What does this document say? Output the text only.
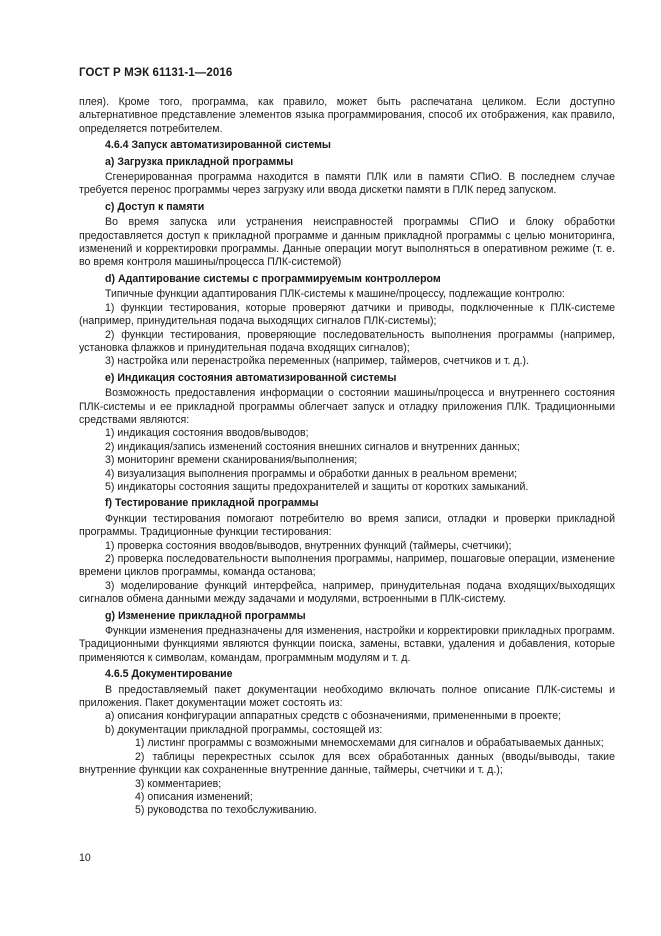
ГОСТ Р МЭК 61131-1—2016

плея). Кроме того, программа, как правило, может быть распечатана целиком. Если доступно альтернативное представление элементов языка программирования, способ их отображения, как правило, определяется потребителем.

4.6.4 Запуск автоматизированной системы

а) Загрузка прикладной программы

Сгенерированная программа находится в памяти ПЛК или в памяти СПиО. В последнем случае требуется перенос программы через загрузку или ввода дискетки памяти в ПЛК перед запуском.

с) Доступ к памяти

Во время запуска или устранения неисправностей программы СПиО и блоку обработки предоставляется доступ к прикладной программе и данным прикладной программы с целью мониторинга, изменений и корректировки программы. Данные операции могут выполняться в оперативном режиме (т. е. во время контроля машины/процесса ПЛК-системой)

d) Адаптирование системы с программируемым контроллером

Типичные функции адаптирования ПЛК-системы к машине/процессу, подлежащие контролю:

1) функции тестирования, которые проверяют датчики и приводы, подключенные к ПЛК-системе (например, принудительная подача выходящих сигналов ПЛК-системы);

2) функции тестирования, проверяющие последовательность выполнения программы (например, установка флажков и принудительная подача входящих сигналов);

3) настройка или перенастройка переменных (например, таймеров, счетчиков и т. д.).

е) Индикация состояния автоматизированной системы

Возможность предоставления информации о состоянии машины/процесса и внутреннего состояния ПЛК-системы и ее прикладной программы облегчает запуск и отладку приложения ПЛК. Традиционными средствами являются:

1) индикация состояния вводов/выводов;

2) индикация/запись изменений состояния внешних сигналов и внутренних данных;

3) мониторинг времени сканирования/выполнения;

4) визуализация выполнения программы и обработки данных в реальном времени;

5) индикаторы состояния защиты предохранителей и защиты от коротких замыканий.

f) Тестирование прикладной программы

Функции тестирования помогают потребителю во время записи, отладки и проверки прикладной программы. Традиционные функции тестирования:

1) проверка состояния вводов/выводов, внутренних функций (таймеры, счетчики);

2) проверка последовательности выполнения программы, например, пошаговые операции, изменение времени циклов программы, команда останова;

3) моделирование функций интерфейса, например, принудительная подача входящих/выходящих сигналов обмена данными между задачами и модулями, встроенными в ПЛК-систему.

g) Изменение прикладной программы

Функции изменения предназначены для изменения, настройки и корректировки прикладных программ. Традиционными функциями являются функции поиска, замены, вставки, удаления и добавления, которые применяются к символам, командам, программным модулям и т. д.

4.6.5 Документирование

В предоставляемый пакет документации необходимо включать полное описание ПЛК-системы и приложения. Пакет документации может состоять из:

а) описания конфигурации аппаратных средств с обозначениями, примененными в проекте;

b) документации прикладной программы, состоящей из:

1) листинг программы с возможными мнемосхемами для сигналов и обрабатываемых данных;

2) таблицы перекрестных ссылок для всех обработанных данных (вводы/выводы, такие внутренние функции как сохраненные внутренние данные, таймеры, счетчики и т. д.);

3) комментариев;

4) описания изменений;

5) руководства по техобслуживанию.

10
